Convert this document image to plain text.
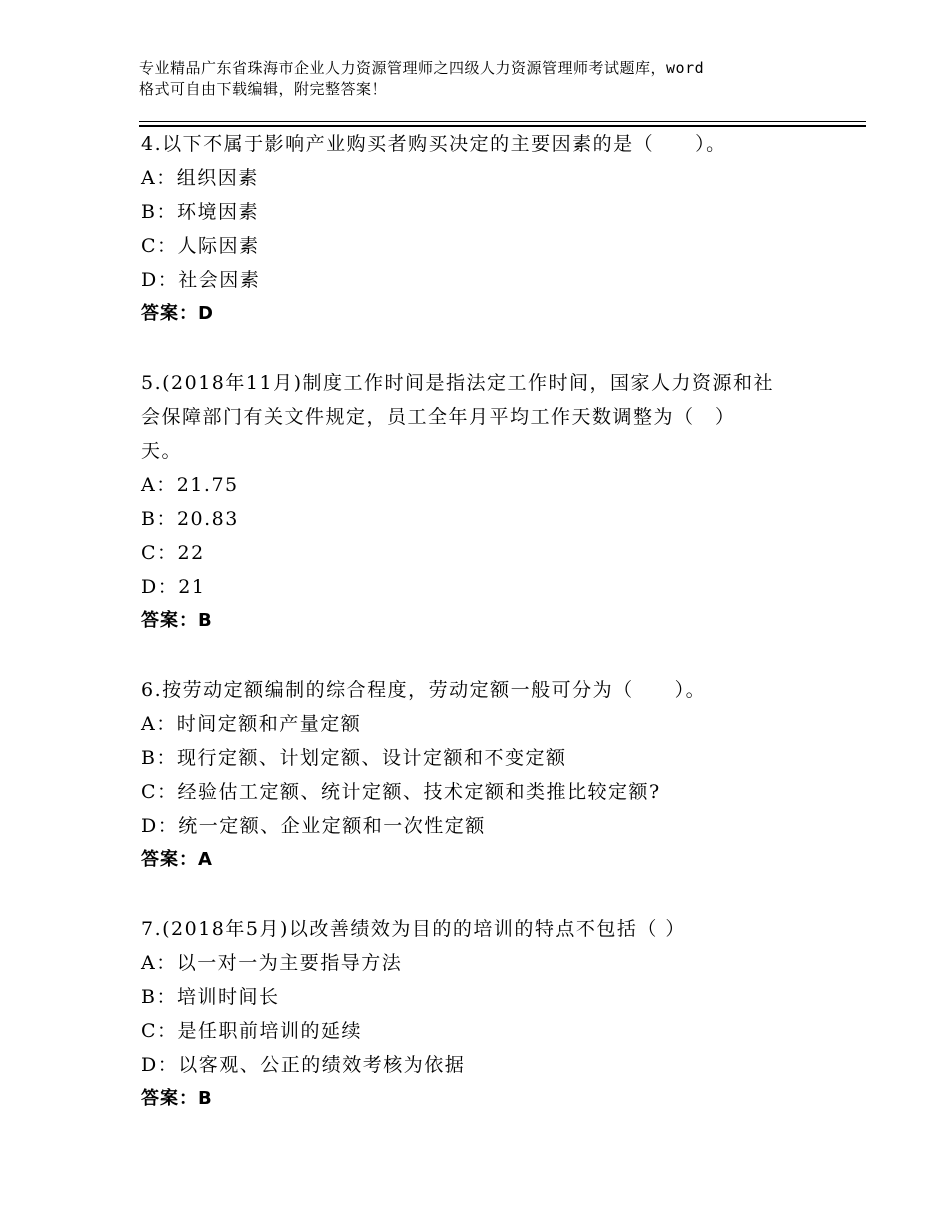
专业精品广东省珠海市企业人力资源管理师之四级人力资源管理师考试题库，word
格式可自由下载编辑，附完整答案！
4.以下不属于影响产业购买者购买决定的主要因素的是（　　）。
A：组织因素
B：环境因素
C：人际因素
D：社会因素
答案：D
5.(2018年11月)制度工作时间是指法定工作时间，国家人力资源和社
会保障部门有关文件规定，员工全年月平均工作天数调整为（　）
天。
A：21.75
B：20.83
C：22
D：21
答案：B
6.按劳动定额编制的综合程度，劳动定额一般可分为（　　）。
A：时间定额和产量定额
B：现行定额、计划定额、设计定额和不变定额
C：经验估工定额、统计定额、技术定额和类推比较定额?
D：统一定额、企业定额和一次性定额
答案：A
7.(2018年5月)以改善绩效为目的的培训的特点不包括（ ）
A：以一对一为主要指导方法
B：培训时间长
C：是任职前培训的延续
D：以客观、公正的绩效考核为依据
答案：B
